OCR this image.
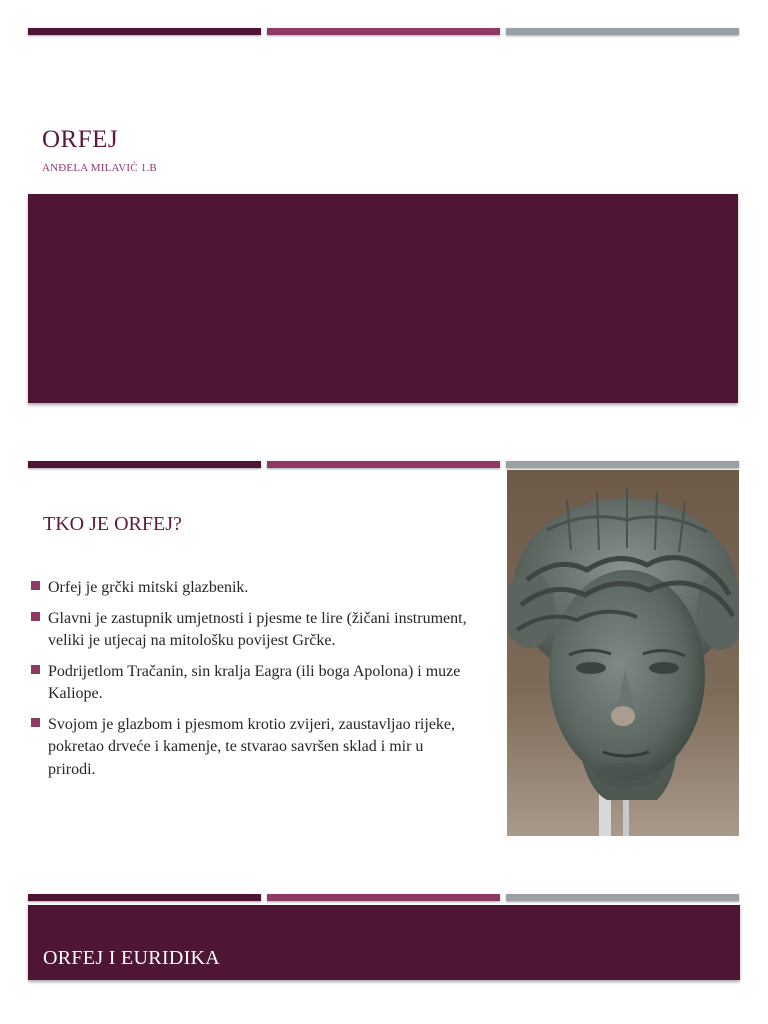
ORFEJ
ANĐELA MILAVIĆ 1.B
TKO JE ORFEJ?
Orfej je grčki mitski glazbenik.
Glavni je zastupnik umjetnosti i pjesme te lire (žičani instrument, veliki je utjecaj na mitološku povijest Grčke.
Podrijetlom Tračanin, sin kralja Eagra (ili boga Apolona) i muze Kaliope.
Svojom je glazbom i pjesmom krotio zvijeri, zaustavljao rijeke, pokretao drveće i kamenje, te stvarao savršen sklad i mir u prirodi.
ORFEJ I EURIDIKA
